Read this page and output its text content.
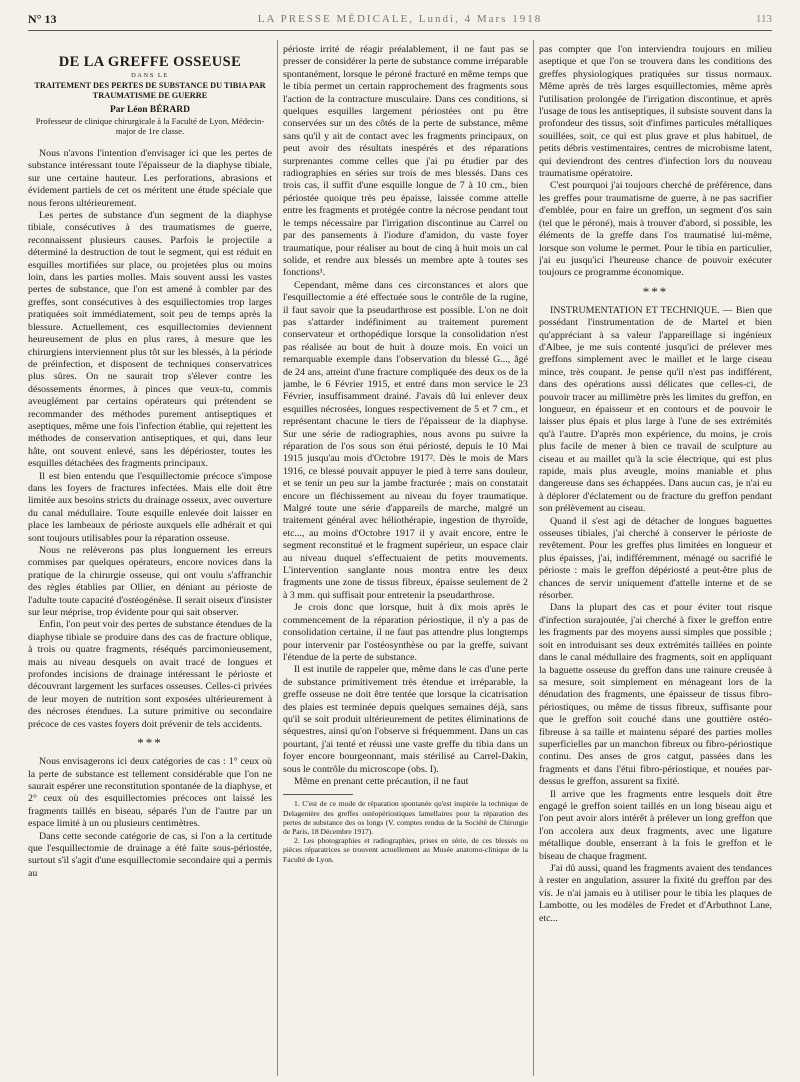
N° 13	LA PRESSE MÉDICALE, Lundi, 4 Mars 1918	113
DE LA GREFFE OSSEUSE
DANS LE
TRAITEMENT DES PERTES DE SUBSTANCE DU TIBIA PAR TRAUMATISME DE GUERRE
Par Léon BÉRARD
Professeur de clinique chirurgicale à la Faculté de Lyon, Médecin-major de 1re classe.

Nous n'avons l'intention d'envisager ici que les pertes de substance intéressant toute l'épaisseur de la diaphyse tibiale, sur une certaine hauteur. Les perforations, abrasions et évidement partiels de cet os méritent une étude spéciale que nous ferons ultérieurement.

Les pertes de substance d'un segment de la diaphyse tibiale, consécutives à des traumatismes de guerre, reconnaissent plusieurs causes. Parfois le projectile a déterminé la destruction de tout le segment, qui est réduit en esquilles mortifiées sur place, ou projetées plus ou moins loin, dans les parties molles. Mais souvent aussi les vastes pertes de substance, que l'on est amené à combler par des greffes, sont consécutives à des esquillectomies trop larges pratiquées soit immédiatement, soit peu de temps après la blessure. Actuellement, ces esquillectomies deviennent heureusement de plus en plus rares, à mesure que les chirurgiens interviennent plus tôt sur les blessés, à la période de préinfection, et disposent de techniques conservatrices plus sûres. On ne saurait trop s'élever contre les désossements énormes, à pinces que veux-tu, commis aveuglément par certains opérateurs qui prétendent se recommander des méthodes purement antiseptiques et aseptiques, même une fois l'infection établie, qui rejettent les méthodes de conservation antiseptiques, et qui, dans leur hâte, ont souvent enlevé, sans les dépérioster, toutes les esquilles détachées des fragments principaux.

Il est bien entendu que l'esquillectomie précoce s'impose dans les foyers de fractures infectées. Mais elle doit être limitée aux besoins stricts du drainage osseux, avec ouverture du canal médullaire. Toute esquille enlevée doit laisser en place les lambeaux de périoste auxquels elle adhérait et qui sont toujours utilisables pour la réparation osseuse.

Nous ne relèverons pas plus longuement les erreurs commises par quelques opérateurs, encore novices dans la pratique de la chirurgie osseuse, qui ont voulu s'affranchir des règles établies par Ollier, en déniant au périoste de l'adulte toute capacité d'ostéogénèse. Il serait oiseux d'insister sur leur méprise, trop évidente pour qui sait observer.

Enfin, l'on peut voir des pertes de substance étendues de la diaphyse tibiale se produire dans des cas de fracture oblique, à trois ou quatre fragments, réséqués parcimonieusement, mais au niveau desquels on avait tracé de longues et profondes incisions de drainage intéressant le périoste et découvrant largement les surfaces osseuses. Celles-ci privées de leur moyen de nutrition sont exposées ultérieurement à des nécroses étendues. La suture primitive ou secondaire précoce de ces vastes foyers doit prévenir de tels accidents.

***

Nous envisagerons ici deux catégories de cas : 1° ceux où la perte de substance est tellement considérable que l'on ne saurait espérer une reconstitution spontanée de la diaphyse, et 2° ceux où des esquillectomies précoces ont laissé les fragments taillés en biseau, séparés l'un de l'autre par un espace limité à un ou plusieurs centimètres.

Dans cette seconde catégorie de cas, si l'on a la certitude que l'esquillectomie de drainage a été faite sous-périostée, surtout s'il s'agit d'une esquillectomie secondaire qui a permis au

périoste irrité de réagir préalablement, il ne faut pas se presser de considérer la perte de substance comme irréparable spontanément, lorsque le péroné fracturé en même temps que le tibia permet un certain rapprochement des fragments sous l'action de la contracture musculaire. Dans ces conditions, si quelques esquilles largement périostées ont pu être conservées sur un des côtés de la perte de substance, même sans qu'il y ait de contact avec les fragments principaux, on peut avoir des résultats inespérés et des réparations surprenantes comme celles que j'ai pu étudier par des radiographies en séries sur trois de mes blessés. Dans ces trois cas, il suffit d'une esquille longue de 7 à 10 cm., bien périostée quoique très peu épaisse, laissée comme attelle entre les fragments et protégée contre la nécrose pendant tout le temps nécessaire par l'irrigation discontinue au Carrel ou par des pansements à l'iodure d'amidon, du vaste foyer traumatique, pour réaliser au bout de cinq à huit mois un cal solide, et rendre aux blessés un membre apte à toutes ses fonctions¹.

Cependant, même dans ces circonstances et alors que l'esquillectomie a été effectuée sous le contrôle de la rugine, il faut savoir que la pseudarthrose est possible. L'on ne doit pas s'attarder indéfiniment au traitement purement conservateur et orthopédique lorsque la consolidation n'est pas réalisée au bout de huit à douze mois. En voici un remarquable exemple dans l'observation du blessé G..., âgé de 24 ans, atteint d'une fracture compliquée des deux os de la jambe, le 6 Février 1915, et entré dans mon service le 23 Février, insuffisamment drainé. J'avais dû lui enlever deux esquilles nécrosées, longues respectivement de 5 et 7 cm., et représentant chacune le tiers de l'épaisseur de la diaphyse. Sur une série de radiographies, nous avons pu suivre la réparation de l'os sous son étui périosté, depuis le 10 Mai 1915 jusqu'au mois d'Octobre 1917². Dès le mois de Mars 1916, ce blessé pouvait appuyer le pied à terre sans douleur, et se tenir un peu sur la jambe fracturée ; mais on constatait encore un fléchissement au niveau du foyer traumatique. Malgré toute une série d'appareils de marche, malgré un traitement général avec héliothérapie, ingestion de thyroïde, etc..., au moins d'Octobre 1917 il y avait encore, entre le segment reconstitué et le fragment supérieur, un espace clair au niveau duquel s'effectuaient de petits mouvements. L'intervention sanglante nous montra entre les deux fragments une zone de tissus fibreux, épaisse seulement de 2 à 3 mm. qui suffisait pour entretenir la pseudarthrose.

Je crois donc que lorsque, huit à dix mois après le commencement de la réparation périostique, il n'y a pas de consolidation certaine, il ne faut pas attendre plus longtemps pour intervenir par l'ostéosynthèse ou par la greffe, suivant l'étendue de la perte de substance.

Il est inutile de rappeler que, même dans le cas d'une perte de substance primitivement très étendue et irréparable, la greffe osseuse ne doit être tentée que lorsque la cicatrisation des plaies est terminée depuis quelques semaines déjà, sans qu'il se soit produit ultérieurement de petites éliminations de séquestres, ainsi qu'on l'observe si fréquemment. Dans un cas pourtant, j'ai tenté et réussi une vaste greffe du tibia dans un foyer encore bourgeonnant, mais stérilisé au Carrel-Dakin, sous le contrôle du microscope (obs. I).

Même en prenant cette précaution, il ne faut

1. C'est de ce mode de réparation spontanée qu'est inspirée la technique de Delagenière des greffes ostéopériostiques lamellaires pour la réparation des pertes de substance des os longs (V. comptes rendus de la Société de Chirurgie de Paris, 18 Décembre 1917).

2. Les photographies et radiographies, prises en série, de ces blessés ou pièces réparatrices se trouvent actuellement au Musée anatomo-clinique de la Faculté de Lyon.

pas compter que l'on interviendra toujours en milieu aseptique et que l'on se trouvera dans les conditions des greffes physiologiques pratiquées sur tissus normaux. Même après de très larges esquillectomies, même après l'utilisation prolongée de l'irrigation discontinue, et après l'usage de tous les antiseptiques, il subsiste souvent dans la profondeur des tissus, soit d'infimes particules métalliques souillées, soit, ce qui est plus grave et plus habituel, de petits débris vestimentaires, centres de microbisme latent, qui deviendront des centres d'infection lors du nouveau traumatisme opératoire.

C'est pourquoi j'ai toujours cherché de préférence, dans les greffes pour traumatisme de guerre, à ne pas sacrifier d'emblée, pour en faire un greffon, un segment d'os sain (tel que le péroné), mais à trouver d'abord, si possible, les éléments de la greffe dans l'os traumatisé lui-même, lorsque son volume le permet. Pour le tibia en particulier, j'ai eu jusqu'ici l'heureuse chance de pouvoir exécuter toujours ce programme économique.

***

INSTRUMENTATION ET TECHNIQUE. — Bien que possédant l'instrumentation de de Martel et bien qu'appréciant à sa valeur l'appareillage si ingénieux d'Albee, je me suis contenté jusqu'ici de prélever mes greffons simplement avec le maillet et le large ciseau mince, très coupant. Je pense qu'il n'est pas indifférent, dans des opérations aussi délicates que celles-ci, de pouvoir tracer au millimètre près les limites du greffon, en longueur, en épaisseur et en contours et de pouvoir le laisser plus épais et plus large à l'une de ses extrémités qu'à l'autre. D'après mon expérience, du moins, je crois plus facile de mener à bien ce travail de sculpture au ciseau et au maillet qu'à la scie électrique, qui est plus rapide, mais plus aveugle, moins maniable et plus dangereuse dans ses échappées. Dans aucun cas, je n'ai eu à déplorer d'éclatement ou de fracture du greffon pendant son prélèvement au ciseau.

Quand il s'est agi de détacher de longues baguettes osseuses tibiales, j'ai cherché à conserver le périoste de revêtement. Pour les greffes plus limitées en longueur et plus épaisses, j'ai, indifféremment, ménagé ou sacrifié le périoste : mais le greffon dépériosté a peut-être plus de chances de servir uniquement d'attelle interne et de se résorber.

Dans la plupart des cas et pour éviter tout risque d'infection surajoutée, j'ai cherché à fixer le greffon entre les fragments par des moyens aussi simples que possible ; soit en introduisant ses deux extrémités taillées en pointe dans le canal médullaire des fragments, soit en appliquant la baguette osseuse du greffon dans une rainure creusée à sa mesure, soit simplement en ménageant lors de la dénudation des fragments, une épaisseur de tissus fibro-périostiques, ou même de tissus fibreux, suffisante pour que le greffon soit couché dans une gouttière ostéo-fibreuse à sa taille et maintenu séparé des parties molles superficielles par un manchon fibreux ou fibro-périostique continu. Des anses de gros catgut, passées dans les fragments et dans l'étui fibro-périostique, et nouées par-dessus le greffon, assurent sa fixité.

Il arrive que les fragments entre lesquels doit être engagé le greffon soient taillés en un long biseau aigu et l'on peut avoir alors intérêt à prélever un long greffon que l'on accolera aux deux fragments, avec une ligature métallique double, enserrant à la fois le greffon et le biseau de chaque fragment.

J'ai dû aussi, quand les fragments avaient des tendances à rester en angulation, assurer la fixité du greffon par des vis. Je n'ai jamais eu à utiliser pour le tibia les plaques de Lambotte, ou les modèles de Fredet et d'Arbuthnot Lane, etc...
